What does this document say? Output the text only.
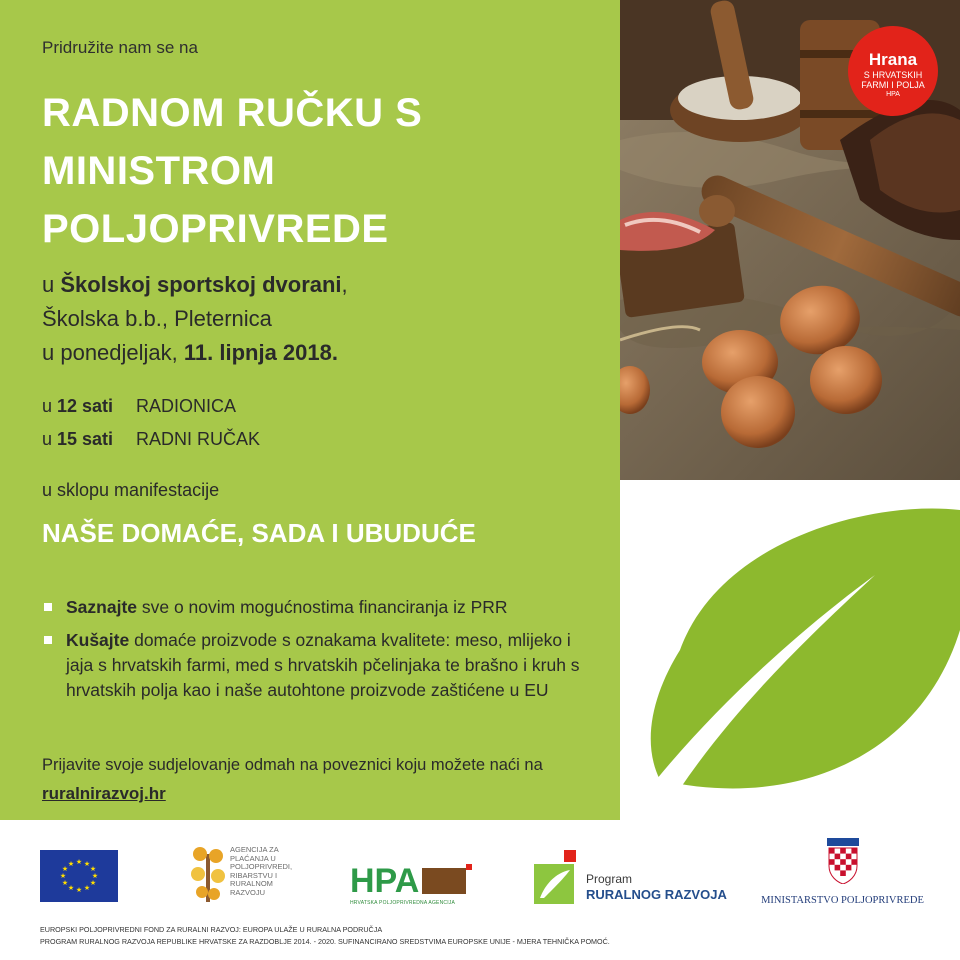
Pridružite nam se na
RADNOM RUČKU S
MINISTROM
POLJOPRIVREDE
u Školskoj sportskoj dvorani,
Školska b.b., Pleternica
u ponedjeljak, 11. lipnja 2018.
u 12 sati RADIONICA
u 15 sati RADNI RUČAK
u sklopu manifestacije
NAŠE DOMAĆE, SADA I UBUDUĆE
Saznajte sve o novim mogućnostima financiranja iz PRR
Kušajte domaće proizvode s oznakama kvalitete: meso, mlijeko i jaja s hrvatskih farmi, med s hrvatskih pčelinjaka te brašno i kruh s hrvatskih polja kao i naše autohtone proizvode zaštićene u EU
Prijavite svoje sudjelovanje odmah na poveznici koju možete naći na
ruralnirazvoj.hr
Hrana
S HRVATSKIH
FARMI I POLJA
HPA
★ ★
★
★
★
★
★
★
★
★
★
★
AGENCIJA ZA
PLAĆANJA U
POLJOPRIVREDI,
RIBARSTVU I
RURALNOM
RAZVOJU	HPA
HRVATSKA POLJOPRIVREDNA AGENCIJA
Program
RURALNOG RAZVOJA	MINISTARSTVO POLJOPRIVREDE
EUROPSKI POLJOPRIVREDNI FOND ZA RURALNI RAZVOJ: EUROPA ULAŽE U RURALNA PODRUČJA
PROGRAM RURALNOG RAZVOJA REPUBLIKE HRVATSKE ZA RAZDOBLJE 2014. - 2020. SUFINANCIRANO SREDSTVIMA EUROPSKE UNIJE - MJERA TEHNIČKA POMOĆ.
